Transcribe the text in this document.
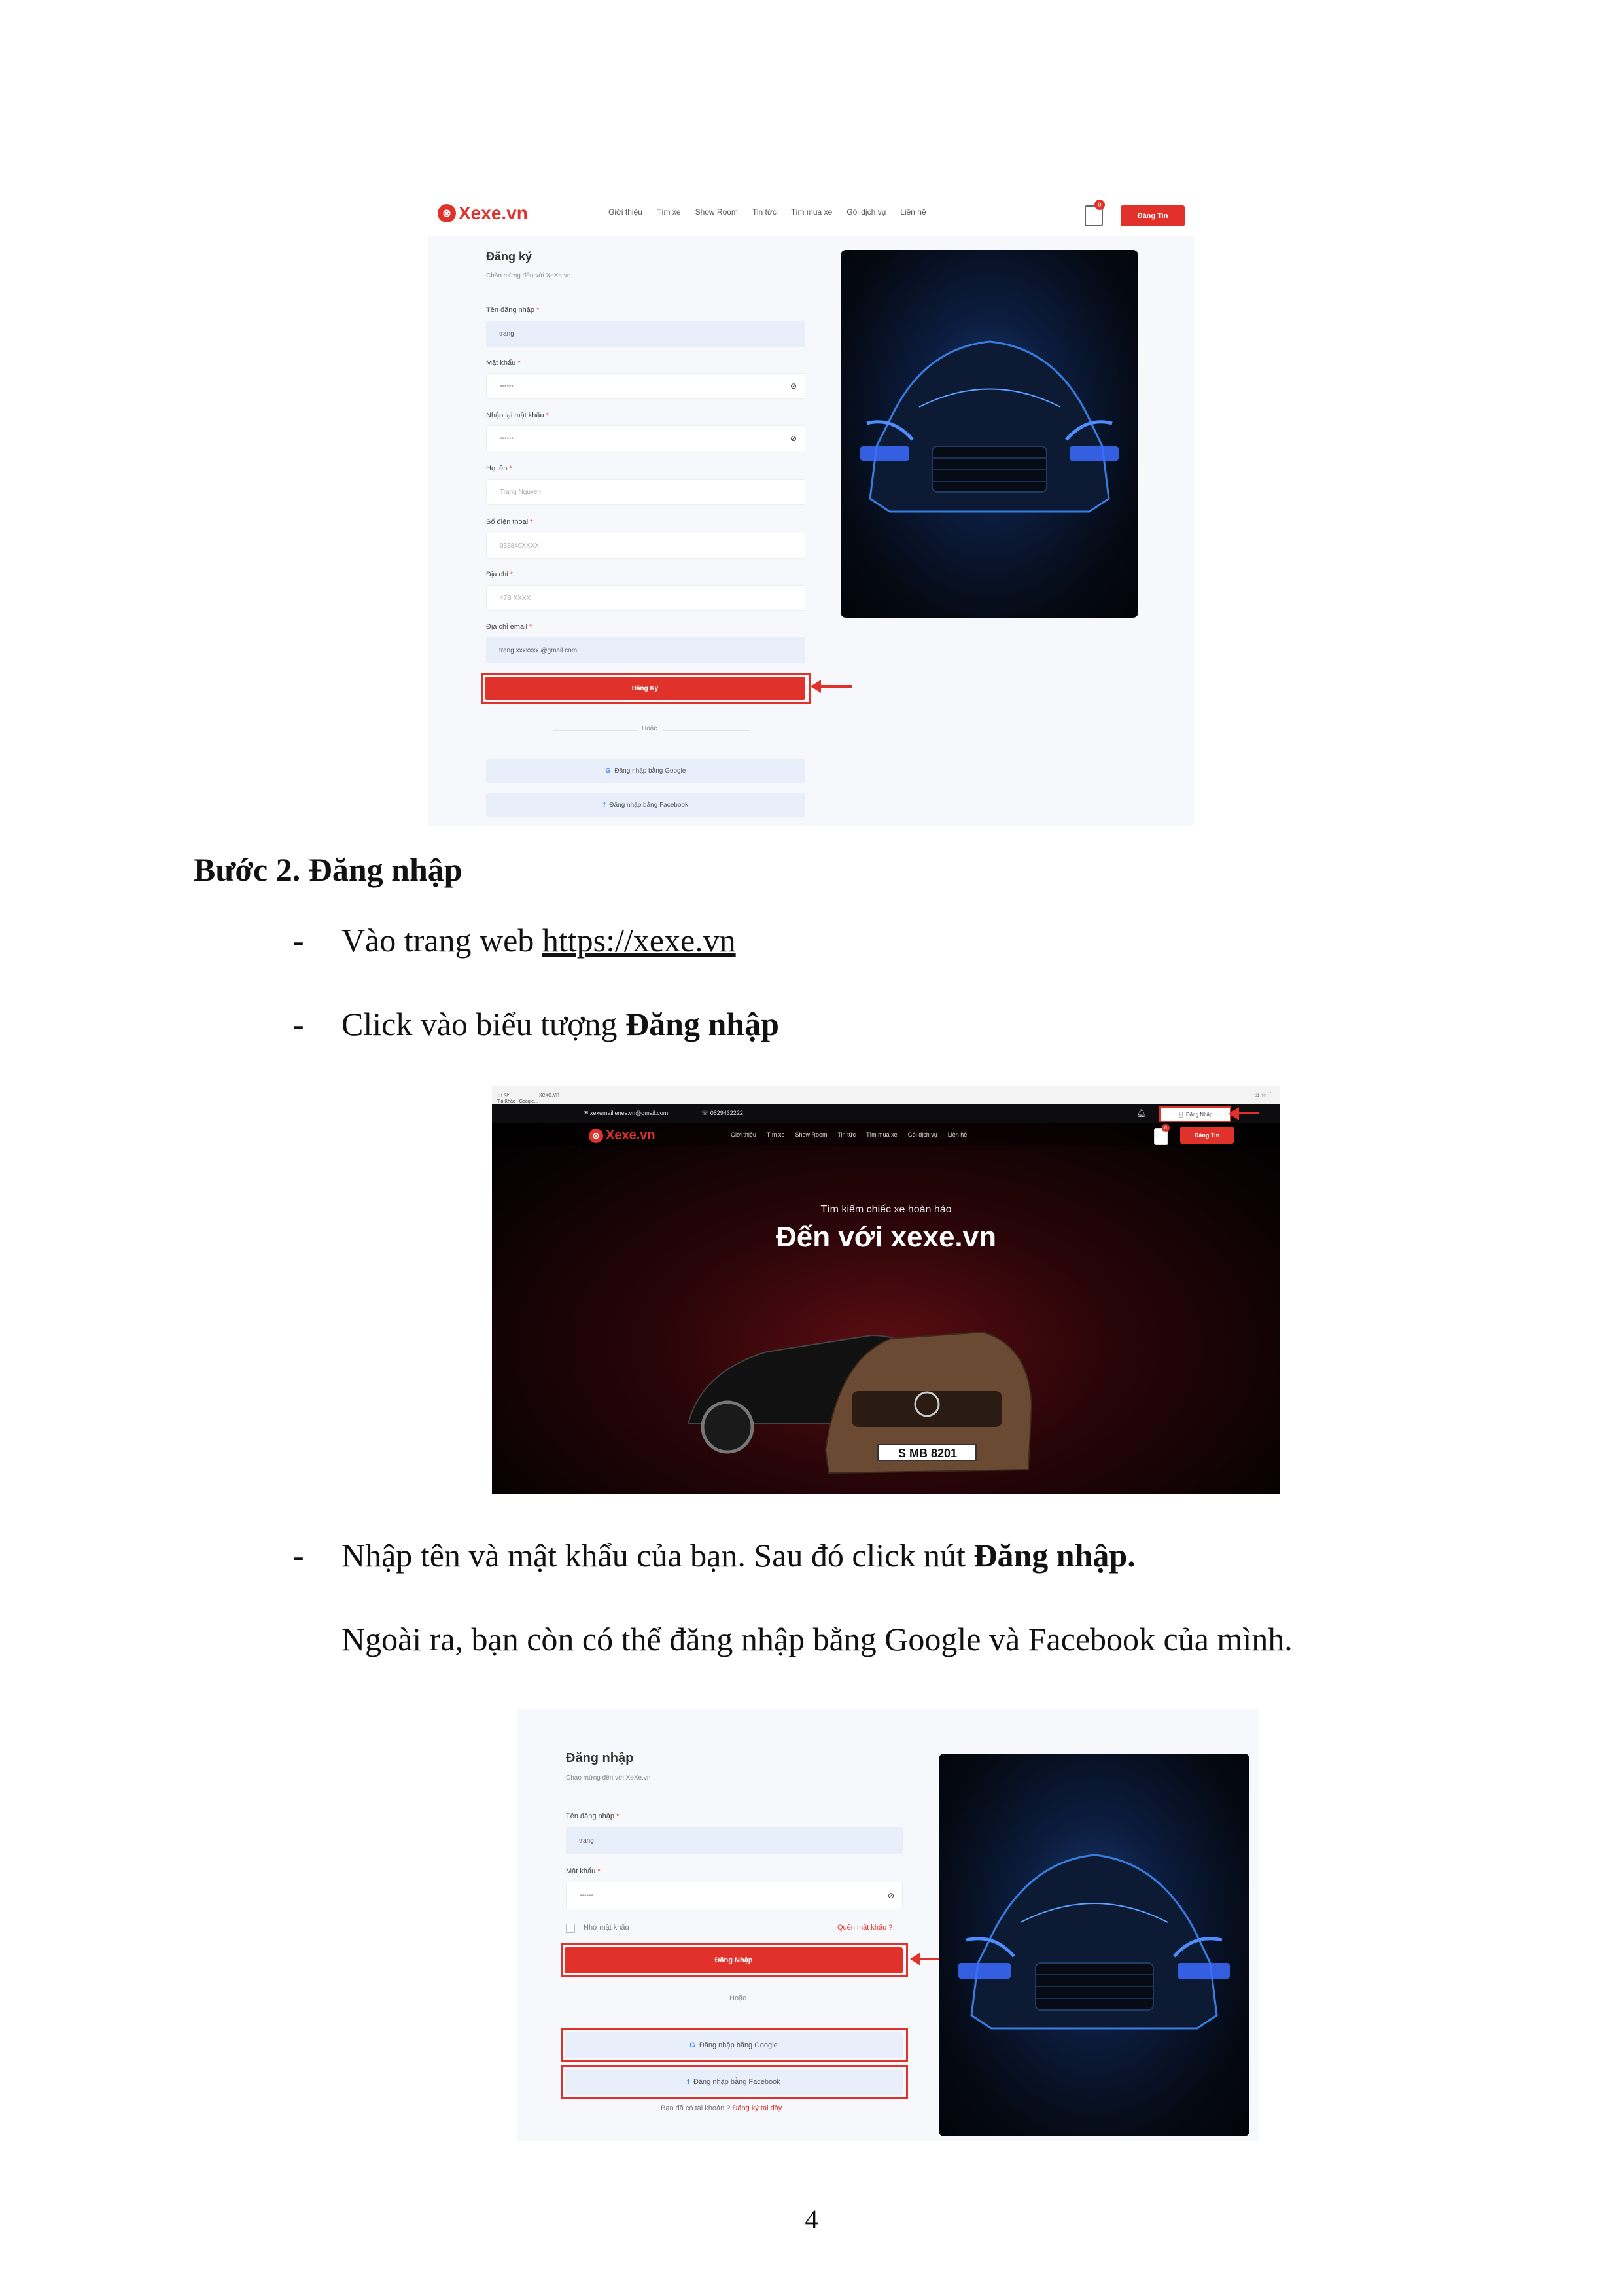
⊗ Xexe.vn	Giới thiệu Tìm xe Show Room Tin tức Tìm mua xe Gói dịch vụ Liên hệ
0
Đăng Tin
Đăng ký
Chào mừng đến với XeXe.vn
Tên đăng nhập *
trang
Mật khẩu *
••••••	⊘
Nhập lại mật khẩu *
••••••	⊘
Họ tên *
Trang Nguyen
Số điện thoại *
033840XXXX
Địa chỉ *
47B XXXX
Địa chỉ email *
trang.xxxxxxx @gmail.com
Đăng Ký
Hoặc
G Đăng nhập bằng Google
f Đăng nhập bằng Facebook
Bước 2. Đăng nhập
- Vào trang web https://xexe.vn
- Click vào biểu tượng Đăng nhập
- Nhập tên và mật khẩu của bạn. Sau đó click nút Đăng nhập.
Ngoài ra, bạn còn có thể đăng nhập bằng Google và Facebook của mình.
‹ › ⟳	xexe.vn	⊞ ☆ ⋮
Tin Khắc - Google...
✉ xexemaillenes.vn@gmail.com	☏ 0829432222	🔔︎	👤︎ Đăng Nhập
⊗ Xexe.vn	Giới thiệu Tìm xe Show Room Tin tức Tìm mua xe Gói dịch vụ Liên hệ
0
Đăng Tin
Tìm kiếm chiếc xe hoàn hảo
Đến với xexe.vn
S MB 8201
Đăng nhập
Chào mừng đến với XeXe.vn
Tên đăng nhập *
trang
Mật khẩu *
••••••	⊘
Nhớ mật khẩu	Quên mật khẩu ?
Đăng Nhập
Hoặc
G Đăng nhập bằng Google
f Đăng nhập bằng Facebook
Bạn đã có tài khoản ? Đăng ký tại đây
4
